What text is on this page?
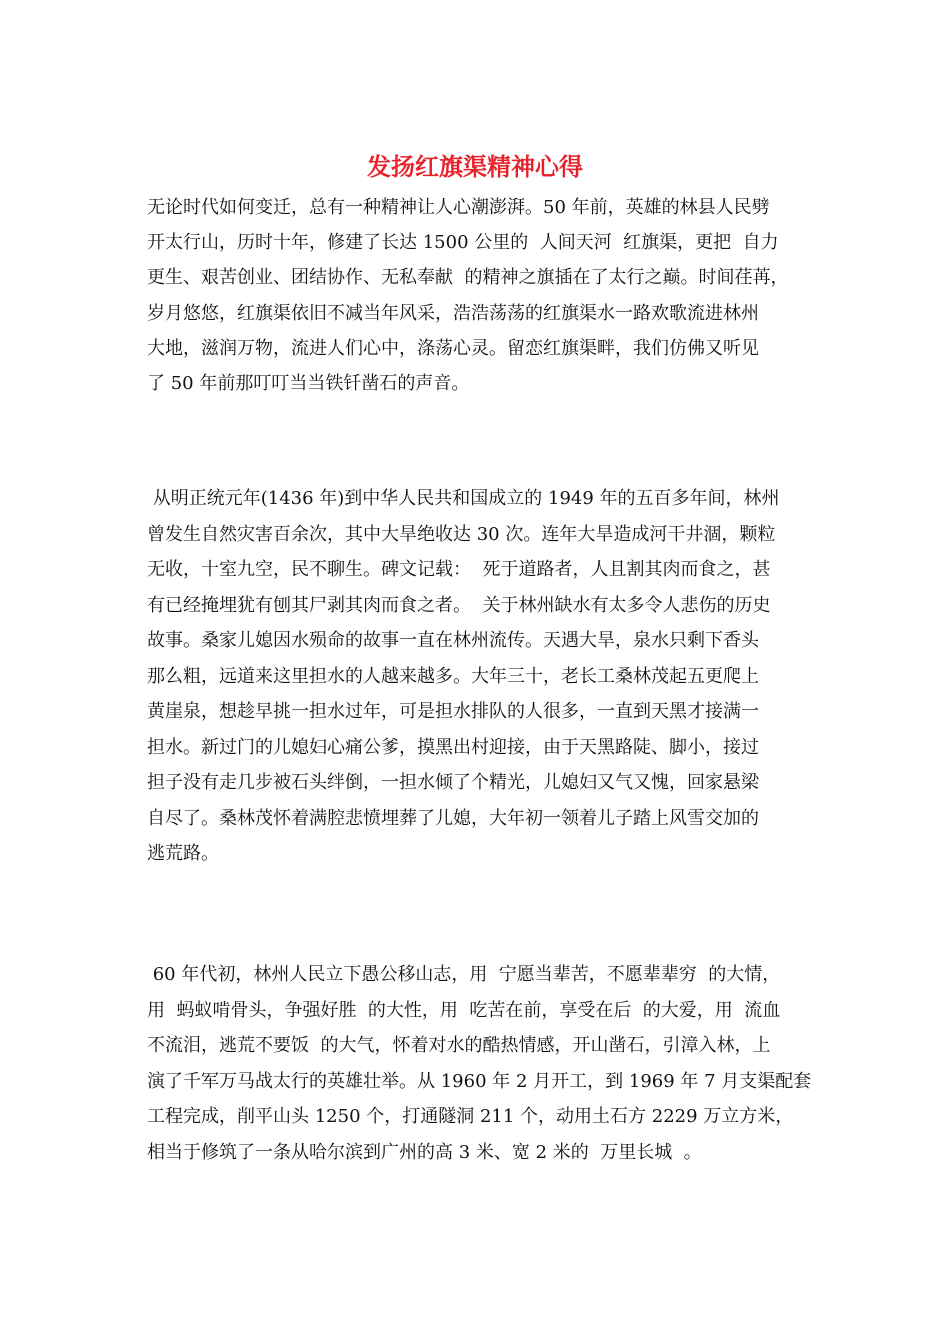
发扬红旗渠精神心得
无论时代如何变迁，总有一种精神让人心潮澎湃。50 年前，英雄的林县人民劈
开太行山，历时十年，修建了长达 1500 公里的  人间天河  红旗渠，更把  自力
更生、艰苦创业、团结协作、无私奉献  的精神之旗插在了太行之巅。时间荏苒，
岁月悠悠，红旗渠依旧不减当年风采，浩浩荡荡的红旗渠水一路欢歌流进林州
大地，滋润万物，流进人们心中，涤荡心灵。留恋红旗渠畔，我们仿佛又听见
了 50 年前那叮叮当当铁钎凿石的声音。
从明正统元年(1436 年)到中华人民共和国成立的 1949 年的五百多年间，林州
曾发生自然灾害百余次，其中大旱绝收达 30 次。连年大旱造成河干井涸，颗粒
无收，十室九空，民不聊生。碑文记载：  死于道路者，人且割其肉而食之，甚
有已经掩埋犹有刨其尸剥其肉而食之者。  关于林州缺水有太多令人悲伤的历史
故事。桑家儿媳因水殒命的故事一直在林州流传。天遇大旱，泉水只剩下香头
那么粗，远道来这里担水的人越来越多。大年三十，老长工桑林茂起五更爬上
黄崖泉，想趁早挑一担水过年，可是担水排队的人很多，一直到天黑才接满一
担水。新过门的儿媳妇心痛公爹，摸黑出村迎接，由于天黑路陡、脚小，接过
担子没有走几步被石头绊倒，一担水倾了个精光，儿媳妇又气又愧，回家悬梁
自尽了。桑林茂怀着满腔悲愤埋葬了儿媳，大年初一领着儿子踏上风雪交加的
逃荒路。
60 年代初，林州人民立下愚公移山志，用  宁愿当辈苦，不愿辈辈穷  的大情，
用  蚂蚁啃骨头，争强好胜  的大性，用  吃苦在前，享受在后  的大爱，用  流血
不流泪，逃荒不要饭  的大气，怀着对水的酷热情感，开山凿石，引漳入林，上
演了千军万马战太行的英雄壮举。从 1960 年 2 月开工，到 1969 年 7 月支渠配套
工程完成，削平山头 1250 个，打通隧洞 211 个，动用土石方 2229 万立方米，
相当于修筑了一条从哈尔滨到广州的高 3 米、宽 2 米的  万里长城  。
